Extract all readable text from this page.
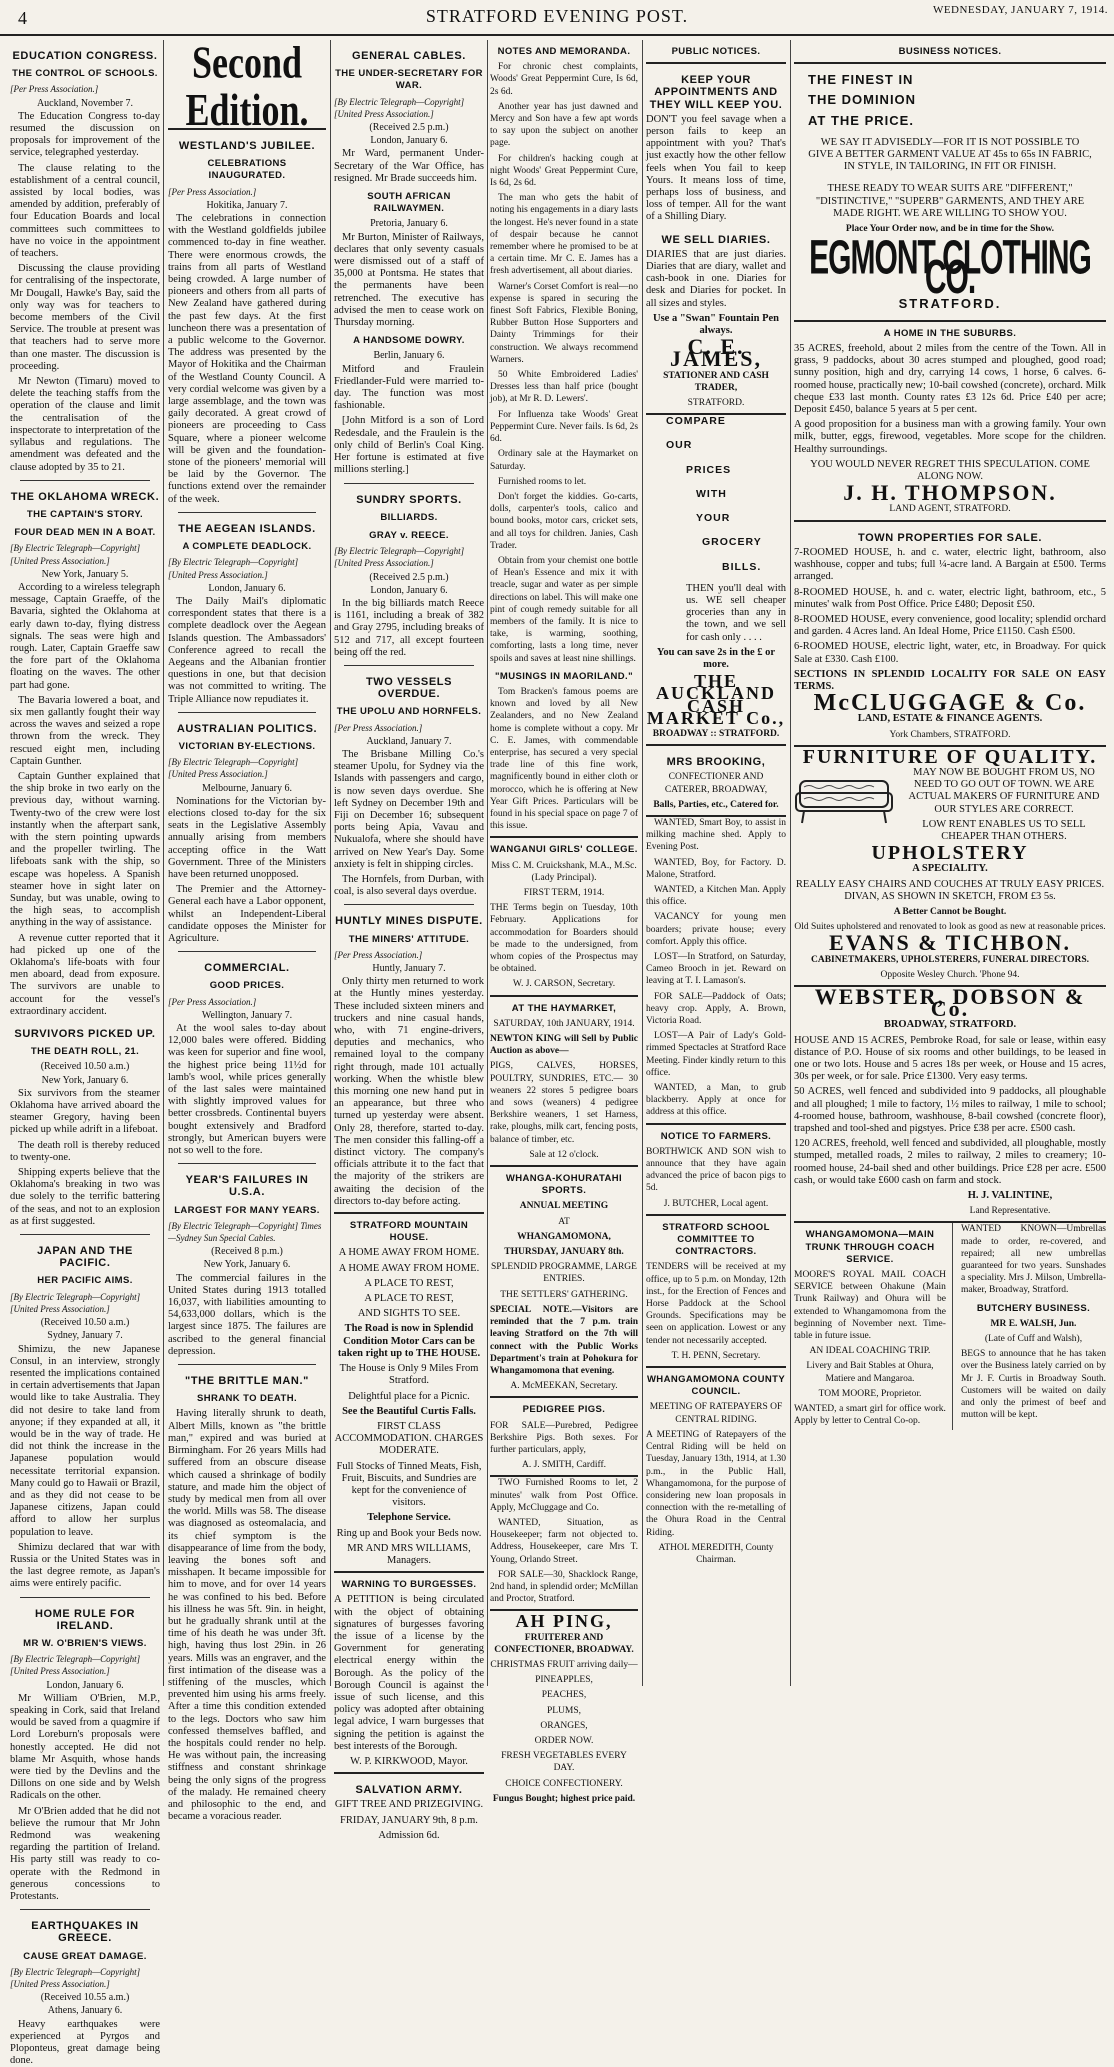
4	STRATFORD EVENING POST.	WEDNESDAY, JANUARY 7, 1914.
EDUCATION CONGRESS.
THE CONTROL OF SCHOOLS.
[Per Press Association.]
Auckland, November 7.

The Education Congress to-day resumed the discussion on proposals for improvement of the service, telegraphed yesterday.

The clause relating to the establishment of a central council, assisted by local bodies, was amended by addition, preferably of four Education Boards and local committees such committees to have no voice in the appointment of teachers.

Discussing the clause providing for centralising of the inspectorate, Mr Dougall, Hawke's Bay, said the only way was for teachers to become members of the Civil Service. The trouble at present was that teachers had to serve more than one master. The discussion is proceeding.

Mr Newton (Timaru) moved to delete the teaching staffs from the operation of the clause and limit the centralisation of the inspectorate to interpretation of the syllabus and regulations. The amendment was defeated and the clause adopted by 35 to 21.

THE OKLAHOMA WRECK.
THE CAPTAIN'S STORY.
FOUR DEAD MEN IN A BOAT.
[By Electric Telegraph—Copyright] [United Press Association.]
New York, January 5.

According to a wireless telegraph message, Captain Graeffe, of the Bavaria, sighted the Oklahoma at early dawn to-day, flying distress signals. The seas were high and rough. Later, Captain Graeffe saw the fore part of the Oklahoma floating on the waves. The other part had gone.

The Bavaria lowered a boat, and six men gallantly fought their way across the waves and seized a rope thrown from the wreck. They rescued eight men, including Captain Gunther.

Captain Gunther explained that the ship broke in two early on the previous day, without warning. Twenty-two of the crew were lost instantly when the afterpart sank, with the stern pointing upwards and the propeller twirling. The lifeboats sank with the ship, so escape was hopeless. A Spanish steamer hove in sight later on Sunday, but was unable, owing to the high seas, to accomplish anything in the way of assistance.

A revenue cutter reported that it had picked up one of the Oklahoma's life-boats with four men aboard, dead from exposure. The survivors are unable to account for the vessel's extraordinary accident.

SURVIVORS PICKED UP.
THE DEATH ROLL, 21.
(Received 10.50 a.m.)
New York, January 6.

Six survivors from the steamer Oklahoma have arrived aboard the steamer Gregory, having been picked up while adrift in a lifeboat.

The death roll is thereby reduced to twenty-one.

Shipping experts believe that the Oklahoma's breaking in two was due solely to the terrific battering of the seas, and not to an explosion as at first suggested.

JAPAN AND THE PACIFIC.
HER PACIFIC AIMS.
[By Electric Telegraph—Copyright] [United Press Association.]
(Received 10.50 a.m.)
Sydney, January 7.

Shimizu, the new Japanese Consul, in an interview, strongly resented the implications contained in certain advertisements that Japan would like to take Australia. They did not desire to take land from anyone; if they expanded at all, it would be in the way of trade. He did not think the increase in the Japanese population would necessitate territorial expansion. Many could go to Hawaii or Brazil, and as they did not cease to be Japanese citizens, Japan could afford to allow her surplus population to leave.

Shimizu declared that war with Russia or the United States was in the last degree remote, as Japan's aims were entirely pacific.

HOME RULE FOR IRELAND.
MR W. O'BRIEN'S VIEWS.
[By Electric Telegraph—Copyright] [United Press Association.]
London, January 6.

Mr William O'Brien, M.P., speaking in Cork, said that Ireland would be saved from a quagmire if Lord Loreburn's proposals were honestly accepted. He did not blame Mr Asquith, whose hands were tied by the Devlins and the Dillons on one side and by Welsh Radicals on the other.

Mr O'Brien added that he did not believe the rumour that Mr John Redmond was weakening regarding the partition of Ireland. His party still was ready to co-operate with the Redmond in generous concessions to Protestants.

EARTHQUAKES IN GREECE.
CAUSE GREAT DAMAGE.
[By Electric Telegraph—Copyright] [United Press Association.]
(Received 10.55 a.m.)
Athens, January 6.

Heavy earthquakes were experienced at Pyrgos and Ploponteus, great damage being done.

Second Edition.
WESTLAND'S JUBILEE.
CELEBRATIONS INAUGURATED.
[Per Press Association.]
Hokitika, January 7.

The celebrations in connection with the Westland goldfields jubilee commenced to-day in fine weather. There were enormous crowds, the trains from all parts of Westland being crowded. A large number of pioneers and others from all parts of New Zealand have gathered during the past few days. At the first luncheon there was a presentation of a public welcome to the Governor. The address was presented by the Mayor of Hokitika and the Chairman of the Westland County Council. A very cordial welcome was given by a large assemblage, and the town was gaily decorated. A great crowd of pioneers are proceeding to Cass Square, where a pioneer welcome will be given and the foundation-stone of the pioneers' memorial will be laid by the Governor. The functions extend over the remainder of the week.

THE AEGEAN ISLANDS.
A COMPLETE DEADLOCK.
[By Electric Telegraph—Copyright] [United Press Association.]
London, January 6.

The Daily Mail's diplomatic correspondent states that there is a complete deadlock over the Aegean Islands question. The Ambassadors' Conference agreed to recall the Aegeans and the Albanian frontier questions in one, but that decision was not committed to writing. The Triple Alliance now repudiates it.

AUSTRALIAN POLITICS.
VICTORIAN BY-ELECTIONS.
[By Electric Telegraph—Copyright] [United Press Association.]
Melbourne, January 6.

Nominations for the Victorian by-elections closed to-day for the six seats in the Legislative Assembly annually arising from members accepting office in the Watt Government. Three of the Ministers have been returned unopposed.

The Premier and the Attorney-General each have a Labor opponent, whilst an Independent-Liberal candidate opposes the Minister for Agriculture.

COMMERCIAL.
GOOD PRICES.
[Per Press Association.]
Wellington, January 7.

At the wool sales to-day about 12,000 bales were offered. Bidding was keen for superior and fine wool, the highest price being 11½d for lamb's wool, while prices generally of the last sales were maintained with slightly improved values for better crossbreds. Continental buyers bought extensively and Bradford strongly, but American buyers were not so well to the fore.

YEAR'S FAILURES IN U.S.A.
LARGEST FOR MANY YEARS.
[By Electric Telegraph—Copyright] Times—Sydney Sun Special Cables.
(Received 8 p.m.)
New York, January 6.

The commercial failures in the United States during 1913 totalled 16,037, with liabilities amounting to 54,633,000 dollars, which is the largest since 1875. The failures are ascribed to the general financial depression.

"THE BRITTLE MAN."
SHRANK TO DEATH.

Having literally shrunk to death, Albert Mills, known as "the brittle man," expired and was buried at Birmingham. For 26 years Mills had suffered from an obscure disease which caused a shrinkage of bodily stature, and made him the object of study by medical men from all over the world. Mills was 58. The disease was diagnosed as osteomalacia, and its chief symptom is the disappearance of lime from the body, leaving the bones soft and misshapen. It became impossible for him to move, and for over 14 years he was confined to his bed. Before his illness he was 5ft. 9in. in height, but he gradually shrank until at the time of his death he was under 3ft. high, having thus lost 29in. in 26 years. Mills was an engraver, and the first intimation of the disease was a stiffening of the muscles, which prevented him using his arms freely. After a time this condition extended to the legs. Doctors who saw him confessed themselves baffled, and the hospitals could render no help. He was without pain, the increasing stiffness and constant shrinkage being the only signs of the progress of the malady. He remained cheery and philosophic to the end, and became a voracious reader.

GENERAL CABLES.
THE UNDER-SECRETARY FOR WAR.
[By Electric Telegraph—Copyright] [United Press Association.]
(Received 2.5 p.m.)
London, January 6.

Mr Ward, permanent Under-Secretary of the War Office, has resigned. Mr Brade succeeds him.

SOUTH AFRICAN RAILWAYMEN.
Pretoria, January 6.

Mr Burton, Minister of Railways, declares that only seventy casuals were dismissed out of a staff of 35,000 at Pontsma. He states that the permanents have been retrenched. The executive has advised the men to cease work on Thursday morning.

A HANDSOME DOWRY.
Berlin, January 6.

Mitford and Fraulein Friedlander-Fuld were married to-day. The function was most fashionable.

[John Mitford is a son of Lord Redesdale, and the Fraulein is the only child of Berlin's Coal King. Her fortune is estimated at five millions sterling.]

SUNDRY SPORTS.
BILLIARDS.
GRAY v. REECE.
[By Electric Telegraph—Copyright] [United Press Association.]
(Received 2.5 p.m.)
London, January 6.

In the big billiards match Reece is 1161, including a break of 382 and Gray 2795, including breaks of 512 and 717, all except fourteen being off the red.

TWO VESSELS OVERDUE.
THE UPOLU AND HORNFELS.
[Per Press Association.]
Auckland, January 7.

The Brisbane Milling Co.'s steamer Upolu, for Sydney via the Islands with passengers and cargo, is now seven days overdue. She left Sydney on December 19th and Fiji on December 16; subsequent ports being Apia, Vavau and Nukualofa, where she should have arrived on New Year's Day. Some anxiety is felt in shipping circles.

The Hornfels, from Durban, with coal, is also several days overdue.

HUNTLY MINES DISPUTE.
THE MINERS' ATTITUDE.
[Per Press Association.]
Huntly, January 7.

Only thirty men returned to work at the Huntly mines yesterday. These included sixteen miners and truckers and nine casual hands, who, with 71 engine-drivers, deputies and mechanics, who remained loyal to the company right through, made 101 actually working. When the whistle blew this morning one new hand put in an appearance, but three who turned up yesterday were absent. Only 28, therefore, started to-day. The men consider this falling-off a distinct victory. The company's officials attribute it to the fact that the majority of the strikers are awaiting the decision of the directors to-day before acting.

STRATFORD MOUNTAIN HOUSE.

A HOME AWAY FROM HOME.

A HOME AWAY FROM HOME.

A PLACE TO REST,

A PLACE TO REST,

AND SIGHTS TO SEE.

The Road is now in Splendid Condition Motor Cars can be taken right up to THE HOUSE.

The House is Only 9 Miles From Stratford.

Delightful place for a Picnic.

See the Beautiful Curtis Falls.

FIRST CLASS ACCOMMODATION. CHARGES MODERATE.

Full Stocks of Tinned Meats, Fish, Fruit, Biscuits, and Sundries are kept for the convenience of visitors.

Telephone Service.

Ring up and Book your Beds now.

MR AND MRS WILLIAMS, Managers.

WARNING TO BURGESSES.

A PETITION is being circulated with the object of obtaining signatures of burgesses favoring the issue of a license by the Government for generating electrical energy within the Borough. As the policy of the Borough Council is against the issue of such license, and this policy was adopted after obtaining legal advice, I warn burgesses that signing the petition is against the best interests of the Borough.

W. P. KIRKWOOD, Mayor.

SALVATION ARMY.

GIFT TREE AND PRIZEGIVING.

FRIDAY, JANUARY 9th, 8 p.m.

Admission 6d.

NOTES AND MEMORANDA.

For chronic chest complaints, Woods' Great Peppermint Cure, Is 6d, 2s 6d.

Another year has just dawned and Mercy and Son have a few apt words to say upon the subject on another page.

For children's hacking cough at night Woods' Great Peppermint Cure, Is 6d, 2s 6d.

The man who gets the habit of noting his engagements in a diary lasts the longest. He's never found in a state of despair because he cannot remember where he promised to be at a certain time. Mr C. E. James has a fresh advertisement, all about diaries.

Warner's Corset Comfort is real—no expense is spared in securing the finest Soft Fabrics, Flexible Boning, Rubber Button Hose Supporters and Dainty Trimmings for their construction. We always recommend Warners.

50 White Embroidered Ladies' Dresses less than half price (bought job), at Mr R. D. Lewers'.

For Influenza take Woods' Great Peppermint Cure. Never fails. Is 6d, 2s 6d.

Ordinary sale at the Haymarket on Saturday.

Furnished rooms to let.

Don't forget the kiddies. Go-carts, dolls, carpenter's tools, calico and bound books, motor cars, cricket sets, and all toys for children. Janies, Cash Trader.

Obtain from your chemist one bottle of Hean's Essence and mix it with treacle, sugar and water as per simple directions on label. This will make one pint of cough remedy suitable for all members of the family. It is nice to take, is warming, soothing, comforting, lasts a long time, never spoils and saves at least nine shillings.

"MUSINGS IN MAORILAND."

Tom Bracken's famous poems are known and loved by all New Zealanders, and no New Zealand home is complete without a copy. Mr C. E. James, with commendable enterprise, has secured a very special trade line of this fine work, magnificently bound in either cloth or morocco, which he is offering at New Year Gift Prices. Particulars will be found in his special space on page 7 of this issue.

WANGANUI GIRLS' COLLEGE.

Miss C. M. Cruickshank, M.A., M.Sc. (Lady Principal).

FIRST TERM, 1914.

THE Terms begin on Tuesday, 10th February. Applications for accommodation for Boarders should be made to the undersigned, from whom copies of the Prospectus may be obtained.

W. J. CARSON, Secretary.

AT THE HAYMARKET,

SATURDAY, 10th JANUARY, 1914.

NEWTON KING will Sell by Public Auction as above—

PIGS, CALVES, HORSES, POULTRY, SUNDRIES, ETC.— 30 weaners 22 stores 5 pedigree boars and sows (weaners) 4 pedigree Berkshire weaners, 1 set Harness, rake, ploughs, milk cart, fencing posts, balance of timber, etc.

Sale at 12 o'clock.

WHANGA-KOHURATAHI SPORTS.

ANNUAL MEETING

AT

WHANGAMOMONA,

THURSDAY, JANUARY 8th.

SPLENDID PROGRAMME, LARGE ENTRIES.

THE SETTLERS' GATHERING.

SPECIAL NOTE.—Visitors are reminded that the 7 p.m. train leaving Stratford on the 7th will connect with the Public Works Department's train at Pohokura for Whangamomona that evening.

A. McMEEKAN, Secretary.

PEDIGREE PIGS.

FOR SALE—Purebred, Pedigree Berkshire Pigs. Both sexes. For further particulars, apply,

A. J. SMITH, Cardiff.

TWO Furnished Rooms to let, 2 minutes' walk from Post Office. Apply, McCluggage and Co.

WANTED, Situation, as Housekeeper; farm not objected to. Address, Housekeeper, care Mrs T. Young, Orlando Street.

FOR SALE—30, Shacklock Range, 2nd hand, in splendid order; McMillan and Proctor, Stratford.

AH PING,

FRUITERER AND CONFECTIONER, BROADWAY.

CHRISTMAS FRUIT arriving daily—

PINEAPPLES,

PEACHES,

PLUMS,

ORANGES,

ORDER NOW.

FRESH VEGETABLES EVERY DAY.

CHOICE CONFECTIONERY.

Fungus Bought; highest price paid.

PUBLIC NOTICES.
KEEP YOUR APPOINTMENTS AND THEY WILL KEEP YOU.

DON'T you feel savage when a person fails to keep an appointment with you? That's just exactly how the other fellow feels when You fail to keep Yours. It means loss of time, perhaps loss of business, and loss of temper. All for the want of a Shilling Diary.

WE SELL DIARIES.

DIARIES that are just diaries. Diaries that are diary, wallet and cash-book in one. Diaries for desk and Diaries for pocket. In all sizes and styles.

Use a "Swan" Fountain Pen always.

C. E. JAMES,

STATIONER AND CASH TRADER,

STRATFORD.

COMPARE
OUR
PRICES
WITH
YOUR
GROCERY
BILLS.

THEN you'll deal with us. WE sell cheaper groceries than any in the town, and we sell for cash only . . . .

You can save 2s in the £ or more.

THE AUCKLAND CASH MARKET Co.,

BROADWAY :: STRATFORD.

MRS BROOKING,

CONFECTIONER AND CATERER, BROADWAY,

Balls, Parties, etc., Catered for.

WANTED, Smart Boy, to assist in milking machine shed. Apply to Evening Post.

WANTED, Boy, for Factory. D. Malone, Stratford.

WANTED, a Kitchen Man. Apply this office.

VACANCY for young men boarders; private house; every comfort. Apply this office.

LOST—In Stratford, on Saturday, Cameo Brooch in jet. Reward on leaving at T. I. Lamason's.

FOR SALE—Paddock of Oats; heavy crop. Apply, A. Brown, Victoria Road.

LOST—A Pair of Lady's Gold-rimmed Spectacles at Stratford Race Meeting. Finder kindly return to this office.

WANTED, a Man, to grub blackberry. Apply at once for address at this office.

NOTICE TO FARMERS.

BORTHWICK AND SON wish to announce that they have again advanced the price of bacon pigs to 5d.

J. BUTCHER, Local agent.

STRATFORD SCHOOL COMMITTEE TO CONTRACTORS.

TENDERS will be received at my office, up to 5 p.m. on Monday, 12th inst., for the Erection of Fences and Horse Paddock at the School Grounds. Specifications may be seen on application. Lowest or any tender not necessarily accepted.

T. H. PENN, Secretary.

WHANGAMOMONA COUNTY COUNCIL.

MEETING OF RATEPAYERS OF CENTRAL RIDING.

A MEETING of Ratepayers of the Central Riding will be held on Tuesday, January 13th, 1914, at 1.30 p.m., in the Public Hall, Whangamomona, for the purpose of considering new loan proposals in connection with the re-metalling of the Ohura Road in the Central Riding.

ATHOL MEREDITH, County Chairman.

BUSINESS NOTICES.
THE FINEST IN
THE DOMINION
AT THE PRICE.

WE SAY IT ADVISEDLY—FOR IT IS NOT POSSIBLE TO GIVE A BETTER GARMENT VALUE AT 45s to 65s IN FABRIC, IN STYLE, IN TAILORING, IN FIT OR FINISH.

THESE READY TO WEAR SUITS ARE "DIFFERENT," "DISTINCTIVE," "SUPERB" GARMENTS, AND THEY ARE MADE RIGHT. WE ARE WILLING TO SHOW YOU.

Place Your Order now, and be in time for the Show.

EGMONT CLOTHING CO.
STRATFORD.
A HOME IN THE SUBURBS.

35 ACRES, freehold, about 2 miles from the centre of the Town. All in grass, 9 paddocks, about 30 acres stumped and ploughed, good road; sunny position, high and dry, carrying 14 cows, 1 horse, 6 calves. 6-roomed house, practically new; 10-bail cowshed (concrete), orchard. Milk cheque £33 last month. County rates £3 12s 6d. Price £40 per acre; Deposit £450, balance 5 years at 5 per cent.

A good proposition for a business man with a growing family. Your own milk, butter, eggs, firewood, vegetables. More scope for the children. Healthy surroundings.

YOU WOULD NEVER REGRET THIS SPECULATION. COME ALONG NOW.

J. H. THOMPSON.

LAND AGENT, STRATFORD.

TOWN PROPERTIES FOR SALE.

7-ROOMED HOUSE, h. and c. water, electric light, bathroom, also washhouse, copper and tubs; full ¼-acre land. A Bargain at £500. Terms arranged.

8-ROOMED HOUSE, h. and c. water, electric light, bathroom, etc., 5 minutes' walk from Post Office. Price £480; Deposit £50.

8-ROOMED HOUSE, every convenience, good locality; splendid orchard and garden. 4 Acres land. An Ideal Home, Price £1150. Cash £500.

6-ROOMED HOUSE, electric light, water, etc, in Broadway. For quick Sale at £330. Cash £100.

SECTIONS IN SPLENDID LOCALITY FOR SALE ON EASY TERMS.

McCLUGGAGE & Co.

LAND, ESTATE & FINANCE AGENTS.

York Chambers, STRATFORD.

FURNITURE OF QUALITY.

MAY NOW BE BOUGHT FROM US, NO NEED TO GO OUT OF TOWN. WE ARE ACTUAL MAKERS OF FURNITURE AND OUR STYLES ARE CORRECT.

LOW RENT ENABLES US TO SELL CHEAPER THAN OTHERS.

UPHOLSTERY

A SPECIALITY.

REALLY EASY CHAIRS AND COUCHES AT TRULY EASY PRICES. DIVAN, AS SHOWN IN SKETCH, FROM £3 5s.

A Better Cannot be Bought.

Old Suites upholstered and renovated to look as good as new at reasonable prices.

EVANS & TICHBON.

CABINETMAKERS, UPHOLSTERERS, FUNERAL DIRECTORS.

Opposite Wesley Church. 'Phone 94.

WEBSTER, DOBSON & Co.

BROADWAY, STRATFORD.

HOUSE AND 15 ACRES, Pembroke Road, for sale or lease, within easy distance of P.O. House of six rooms and other buildings, to be leased in one or two lots. House and 5 acres 18s per week, or House and 15 acres, 30s per week, or for sale. Price £1300. Very easy terms.

50 ACRES, well fenced and subdivided into 9 paddocks, all ploughable and all ploughed; 1 mile to factory, 1½ miles to railway, 1 mile to school; 4-roomed house, bathroom, washhouse, 8-bail cowshed (concrete floor), trapshed and tool-shed and pigstyes. Price £38 per acre. £500 cash.

120 ACRES, freehold, well fenced and subdivided, all ploughable, mostly stumped, metalled roads, 2 miles to railway, 2 miles to creamery; 10-roomed house, 24-bail shed and other buildings. Price £28 per acre. £500 cash, or would take £600 cash on farm and stock.

H. J. VALINTINE,

Land Representative.

WHANGAMOMONA—MAIN TRUNK THROUGH COACH SERVICE.

MOORE'S ROYAL MAIL COACH SERVICE between Ohakune (Main Trunk Railway) and Ohura will be extended to Whangamomona from the beginning of November next. Time-table in future issue.

AN IDEAL COACHING TRIP.

Livery and Bait Stables at Ohura, Matiere and Mangaroa.

TOM MOORE, Proprietor.

WANTED, a smart girl for office work. Apply by letter to Central Co-op.

WANTED KNOWN—Umbrellas made to order, re-covered, and repaired; all new umbrellas guaranteed for two years. Sunshades a speciality. Mrs J. Milson, Umbrella-maker, Broadway, Stratford.

BUTCHERY BUSINESS.

MR E. WALSH, Jun.

(Late of Cuff and Walsh),

BEGS to announce that he has taken over the Business lately carried on by Mr J. F. Curtis in Broadway South. Customers will be waited on daily and only the primest of beef and mutton will be kept.
